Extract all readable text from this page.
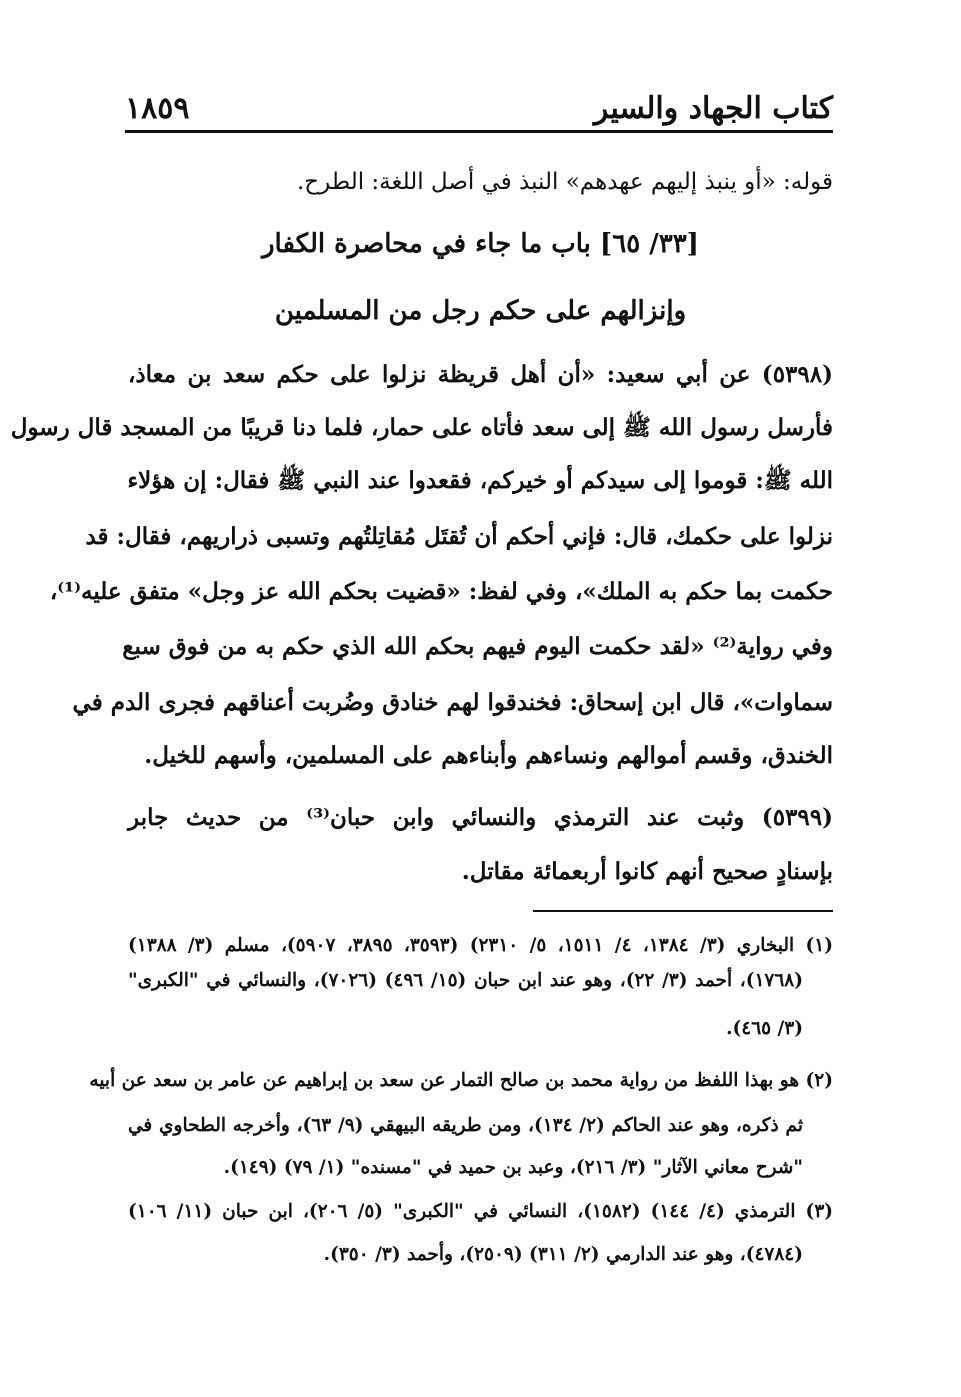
كتاب الجهاد والسير
١٨٥٩
قوله: «أو ينبذ إليهم عهدهم» النبذ في أصل اللغة: الطرح.
[٣٣/ ٦٥] باب ما جاء في محاصرة الكفار
وإنزالهم على حكم رجل من المسلمين
(٥٣٩٨) عن أبي سعيد: «أن أهل قريظة نزلوا على حكم سعد بن معاذ،
فأرسل رسول الله ﷺ إلى سعد فأتاه على حمار، فلما دنا قريبًا من المسجد قال رسول
الله ﷺ: قوموا إلى سيدكم أو خيركم، فقعدوا عند النبي ﷺ فقال: إن هؤلاء
نزلوا على حكمك، قال: فإني أحكم أن تُقتَل مُقاتِلتُهم وتسبى ذراريهم، فقال: قد
حكمت بما حكم به الملك»، وفي لفظ: «قضيت بحكم الله عز وجل» متفق عليه⁽¹⁾،
وفي رواية⁽²⁾ «لقد حكمت اليوم فيهم بحكم الله الذي حكم به من فوق سبع
سماوات»، قال ابن إسحاق: فخندقوا لهم خنادق وضُربت أعناقهم فجرى الدم في
الخندق، وقسم أموالهم ونساءهم وأبناءهم على المسلمين، وأسهم للخيل.
(٥٣٩٩) وثبت عند الترمذي والنسائي وابن حبان⁽³⁾ من حديث جابر
بإسنادٍ صحيح أنهم كانوا أربعمائة مقاتل.
(١) البخاري (٣/ ١٣٨٤، ٤/ ١٥١١، ٥/ ٢٣١٠) (٣٥٩٣، ٣٨٩٥، ٥٩٠٧)، مسلم (٣/ ١٣٨٨)
(١٧٦٨)، أحمد (٣/ ٢٢)، وهو عند ابن حبان (١٥/ ٤٩٦) (٧٠٢٦)، والنسائي في "الكبرى"
(٣/ ٤٦٥).
(٢) هو بهذا اللفظ من رواية محمد بن صالح التمار عن سعد بن إبراهيم عن عامر بن سعد عن أبيه
ثم ذكره، وهو عند الحاكم (٢/ ١٣٤)، ومن طريقه البيهقي (٩/ ٦٣)، وأخرجه الطحاوي في
"شرح معاني الآثار" (٣/ ٢١٦)، وعبد بن حميد في "مسنده" (١/ ٧٩) (١٤٩).
(٣) الترمذي (٤/ ١٤٤) (١٥٨٢)، النسائي في "الكبرى" (٥/ ٢٠٦)، ابن حبان (١١/ ١٠٦)
(٤٧٨٤)، وهو عند الدارمي (٢/ ٣١١) (٢٥٠٩)، وأحمد (٣/ ٣٥٠).
